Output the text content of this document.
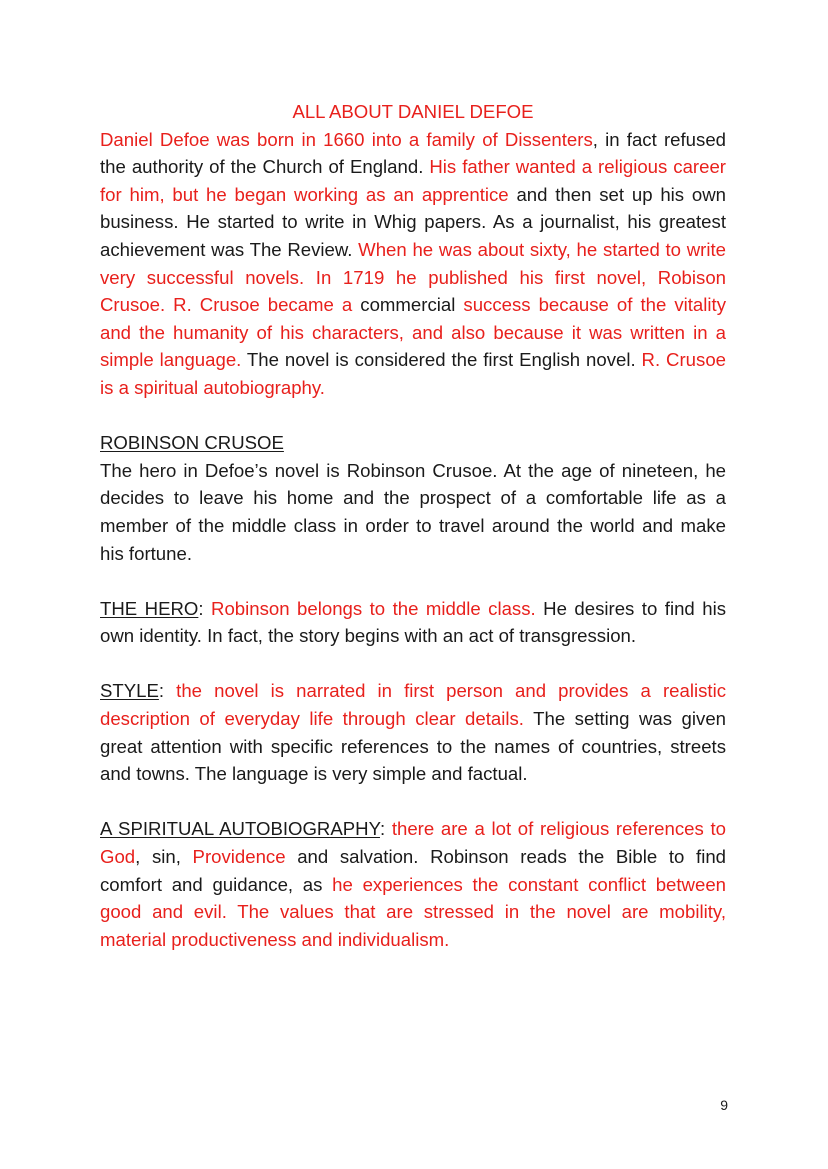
ALL ABOUT DANIEL DEFOE

Daniel Defoe was born in 1660 into a family of Dissenters, in fact refused the authority of the Church of England. His father wanted a religious career for him, but he began working as an apprentice and then set up his own business. He started to write in Whig papers. As a journalist, his greatest achievement was The Review. When he was about sixty, he started to write very successful novels. In 1719 he published his first novel, Robison Crusoe. R. Crusoe became a commercial success because of the vitality and the humanity of his characters, and also because it was written in a simple language. The novel is considered the first English novel. R. Crusoe is a spiritual autobiography.

ROBINSON CRUSOE

The hero in Defoe’s novel is Robinson Crusoe. At the age of nineteen, he decides to leave his home and the prospect of a comfortable life as a member of the middle class in order to travel around the world and make his fortune.

THE HERO: Robinson belongs to the middle class. He desires to find his own identity. In fact, the story begins with an act of transgression.

STYLE: the novel is narrated in first person and provides a realistic description of everyday life through clear details. The setting was given great attention with specific references to the names of countries, streets and towns. The language is very simple and factual.

A SPIRITUAL AUTOBIOGRAPHY: there are a lot of religious references to God, sin, Providence and salvation. Robinson reads the Bible to find comfort and guidance, as he experiences the constant conflict between good and evil. The values that are stressed in the novel are mobility, material productiveness and individualism.

9
